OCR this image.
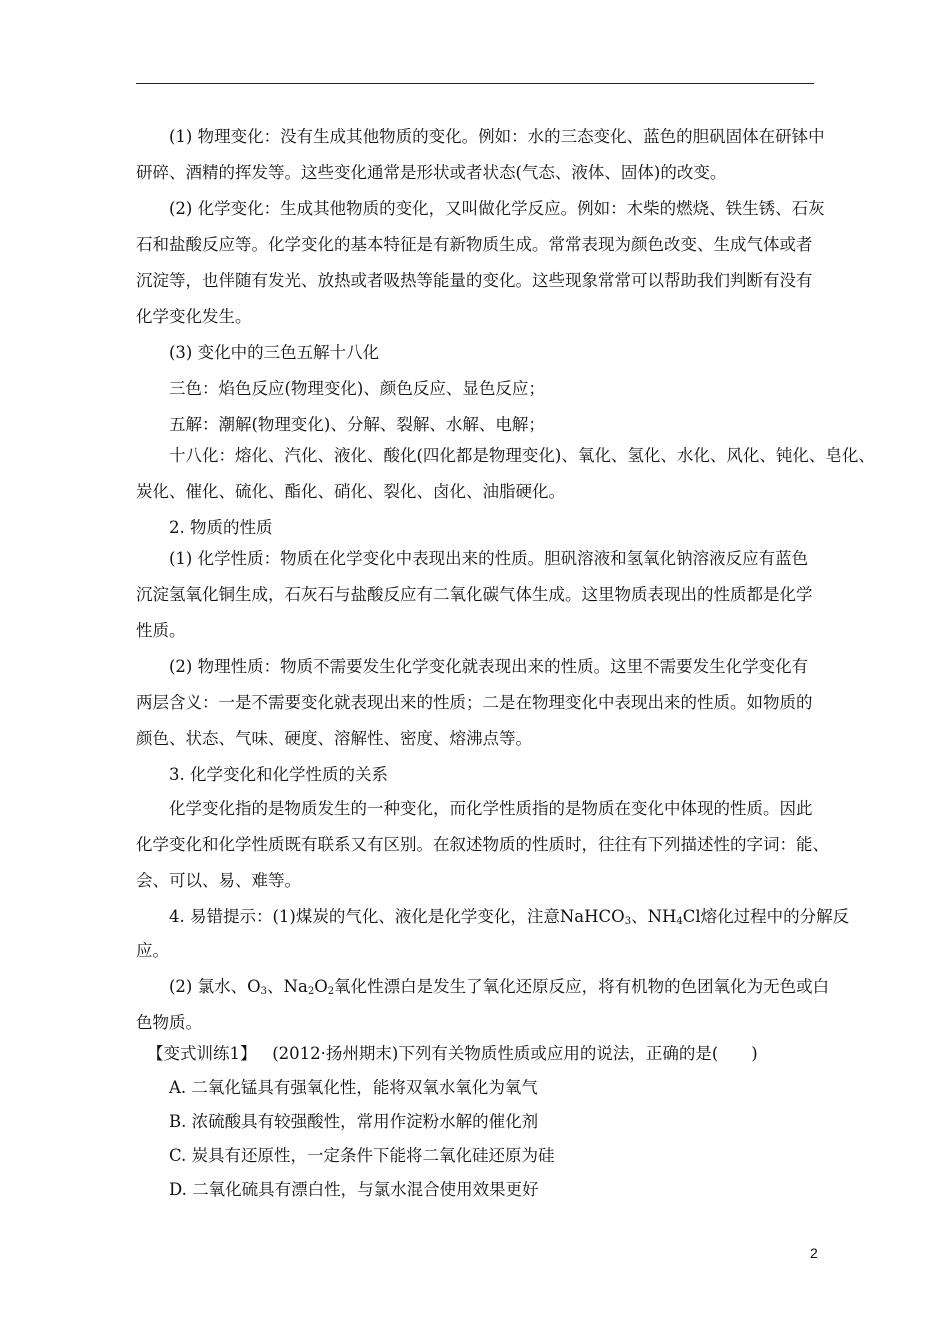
(1) 物理变化：没有生成其他物质的变化。例如：水的三态变化、蓝色的胆矾固体在研钵中
研碎、酒精的挥发等。这些变化通常是形状或者状态(气态、液体、固体)的改变。
(2) 化学变化：生成其他物质的变化，又叫做化学反应。例如：木柴的燃烧、铁生锈、石灰
石和盐酸反应等。化学变化的基本特征是有新物质生成。常常表现为颜色改变、生成气体或者
沉淀等，也伴随有发光、放热或者吸热等能量的变化。这些现象常常可以帮助我们判断有没有
化学变化发生。
(3) 变化中的三色五解十八化
三色：焰色反应(物理变化)、颜色反应、显色反应；
五解：潮解(物理变化)、分解、裂解、水解、电解；
十八化：熔化、汽化、液化、酸化(四化都是物理变化)、氧化、氢化、水化、风化、钝化、皂化、
炭化、催化、硫化、酯化、硝化、裂化、卤化、油脂硬化。
2. 物质的性质
(1) 化学性质：物质在化学变化中表现出来的性质。胆矾溶液和氢氧化钠溶液反应有蓝色
沉淀氢氧化铜生成，石灰石与盐酸反应有二氧化碳气体生成。这里物质表现出的性质都是化学
性质。
(2) 物理性质：物质不需要发生化学变化就表现出来的性质。这里不需要发生化学变化有
两层含义：一是不需要变化就表现出来的性质；二是在物理变化中表现出来的性质。如物质的
颜色、状态、气味、硬度、溶解性、密度、熔沸点等。
3. 化学变化和化学性质的关系
化学变化指的是物质发生的一种变化，而化学性质指的是物质在变化中体现的性质。因此
化学变化和化学性质既有联系又有区别。在叙述物质的性质时，往往有下列描述性的字词：能、
会、可以、易、难等。
4. 易错提示：(1)煤炭的气化、液化是化学变化，注意NaHCO$_3$、$NH_4Cl$熔化过程中的分解反
应。
(2) 氯水、$O_3$、$Na_2O_2$氧化性漂白是发生了氧化还原反应，将有机物的色团氧化为无色或白
色物质。
【变式训练1】 (2012·扬州期末)下列有关物质性质或应用的说法，正确的是(　　)
A. 二氧化锰具有强氧化性，能将双氧水氧化为氧气
B. 浓硫酸具有较强酸性，常用作淀粉水解的催化剂
C. 炭具有还原性，一定条件下能将二氧化硅还原为硅
D. 二氧化硫具有漂白性，与氯水混合使用效果更好
2
